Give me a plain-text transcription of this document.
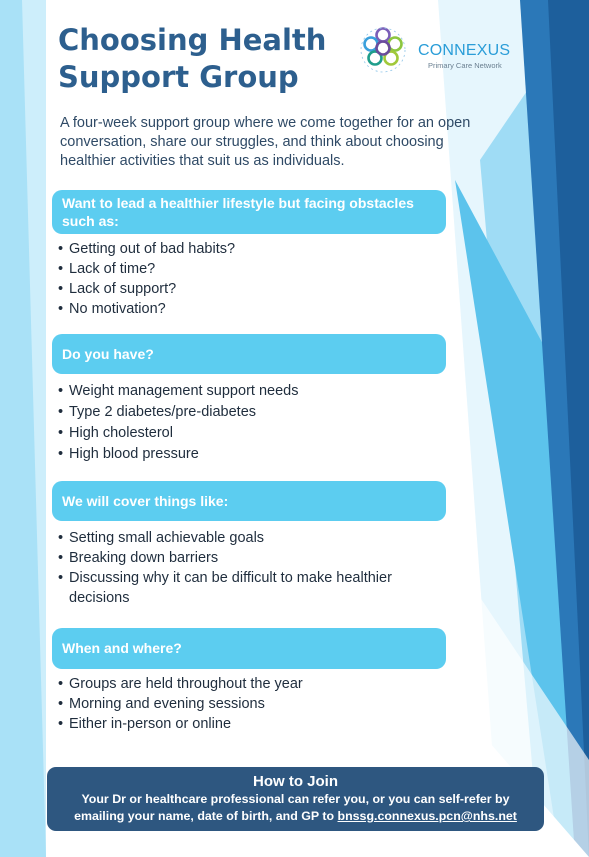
Choosing Health Support Group
CONNEXUS
Primary Care Network

A four-week support group where we come together for an open conversation, share our struggles, and think about choosing healthier activities that suit us as individuals.

Want to lead a healthier lifestyle but facing obstacles such as:
• Getting out of bad habits?
• Lack of time?
• Lack of support?
• No motivation?
Do you have?
• Weight management support needs
• Type 2 diabetes/pre-diabetes
• High cholesterol
• High blood pressure
We will cover things like:
• Setting small achievable goals
• Breaking down barriers
• Discussing why it can be difficult to make healthier decisions
When and where?
• Groups are held throughout the year
• Morning and evening sessions
• Either in-person or online
How to Join
Your Dr or healthcare professional can refer you, or you can self-refer by emailing your name, date of birth, and GP to bnssg.connexus.pcn@nhs.net
